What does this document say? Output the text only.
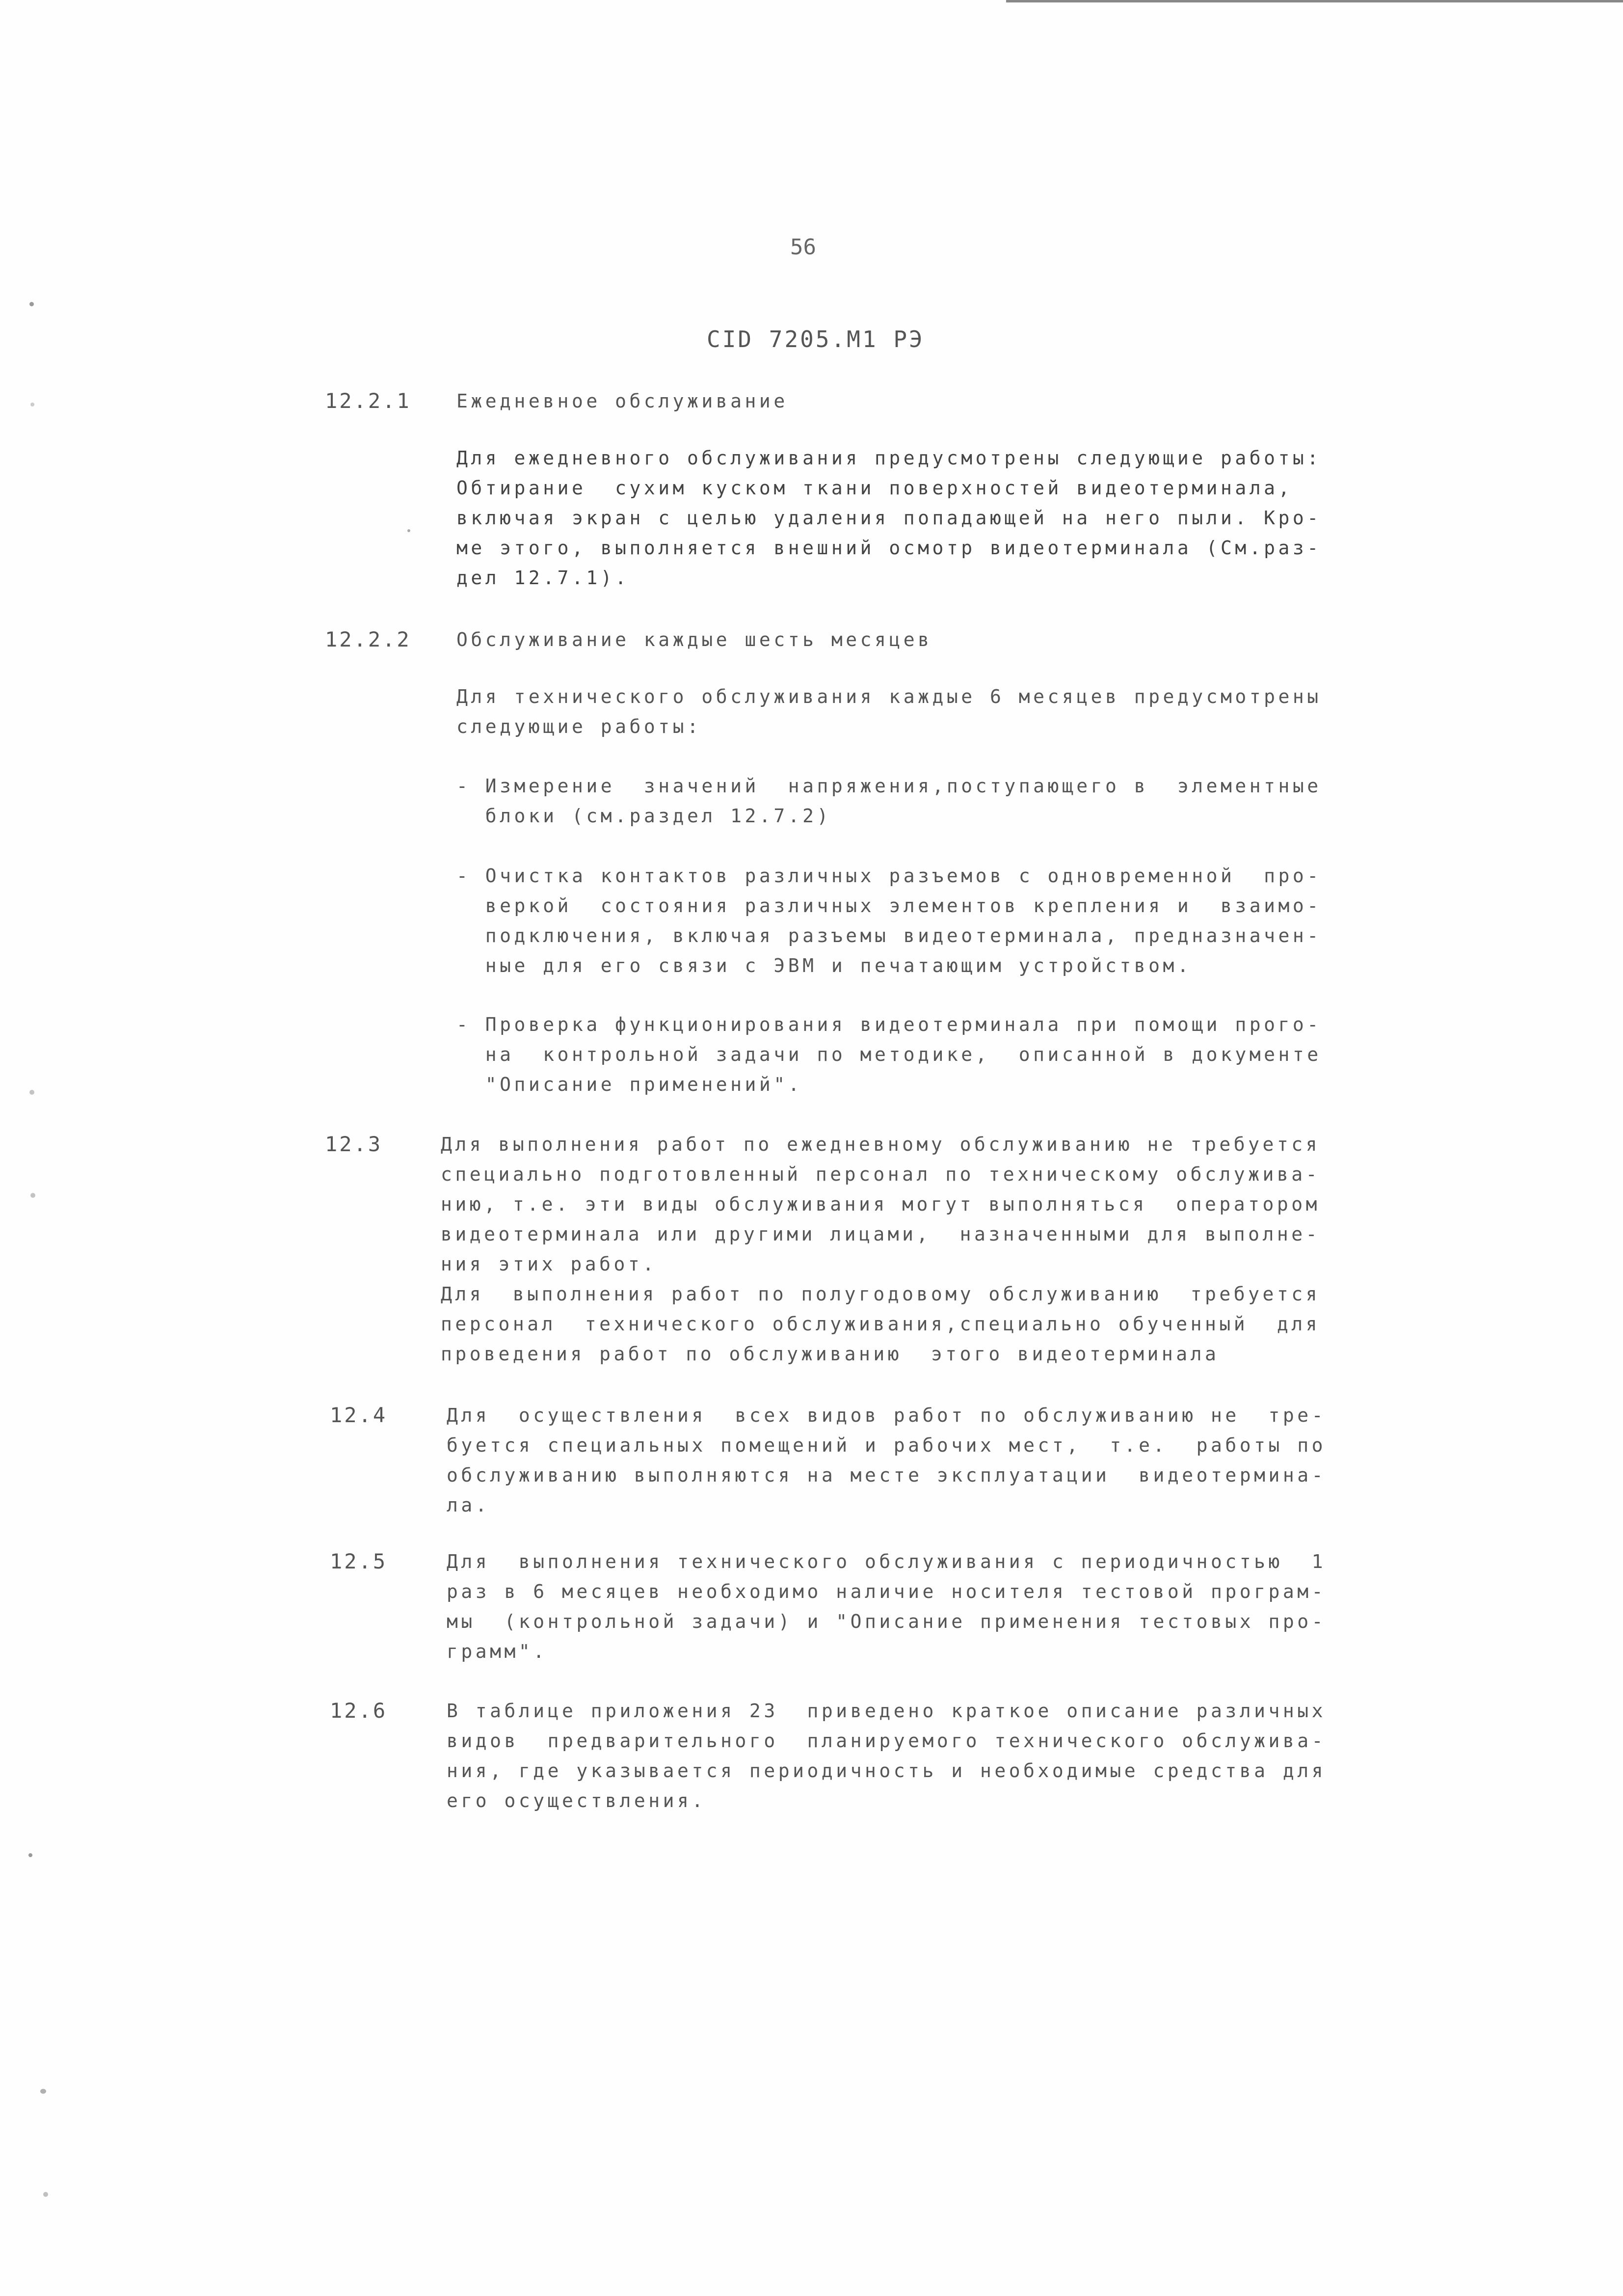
56
CID 7205.M1 РЭ
12.2.1 Ежедневное обслуживание
Для ежедневного обслуживания предусмотрены следующие работы:
Обтирание  сухим куском ткани поверхностей видеотерминала,
включая экран с целью удаления попадающей на него пыли. Кро-
ме этого, выполняется внешний осмотр видеотерминала (См.раз-
дел 12.7.1).
12.2.2 Обслуживание каждые шесть месяцев
Для технического обслуживания каждые 6 месяцев предусмотрены
следующие работы:
- Измерение  значений  напряжения,поступающего в  элементные
блоки (см.раздел 12.7.2)
- Очистка контактов различных разъемов с одновременной  про-
веркой  состояния различных элементов крепления и  взаимо-
подключения, включая разъемы видеотерминала, предназначен-
ные для его связи с ЭВМ и печатающим устройством.
- Проверка функционирования видеотерминала при помощи прого-
на  контрольной задачи по методике,  описанной в документе
"Описание применений".
12.3	Для выполнения работ по ежедневному обслуживанию не требуется
специально подготовленный персонал по техническому обслужива-
нию, т.е. эти виды обслуживания могут выполняться  оператором
видеотерминала или другими лицами,  назначенными для выполне-
ния этих работ.
Для  выполнения работ по полугодовому обслуживанию  требуется
персонал  технического обслуживания,специально обученный  для
проведения работ по обслуживанию  этого видеотерминала
12.4	Для  осуществления  всех видов работ по обслуживанию не  тре-
буется специальных помещений и рабочих мест,  т.е.  работы по
обслуживанию выполняются на месте эксплуатации  видеотермина-
ла.
12.5	Для  выполнения технического обслуживания с периодичностью  1
раз в 6 месяцев необходимо наличие носителя тестовой програм-
мы  (контрольной задачи) и "Описание применения тестовых про-
грамм".
12.6	В таблице приложения 23  приведено краткое описание различных
видов  предварительного  планируемого технического обслужива-
ния, где указывается периодичность и необходимые средства для
его осуществления.
